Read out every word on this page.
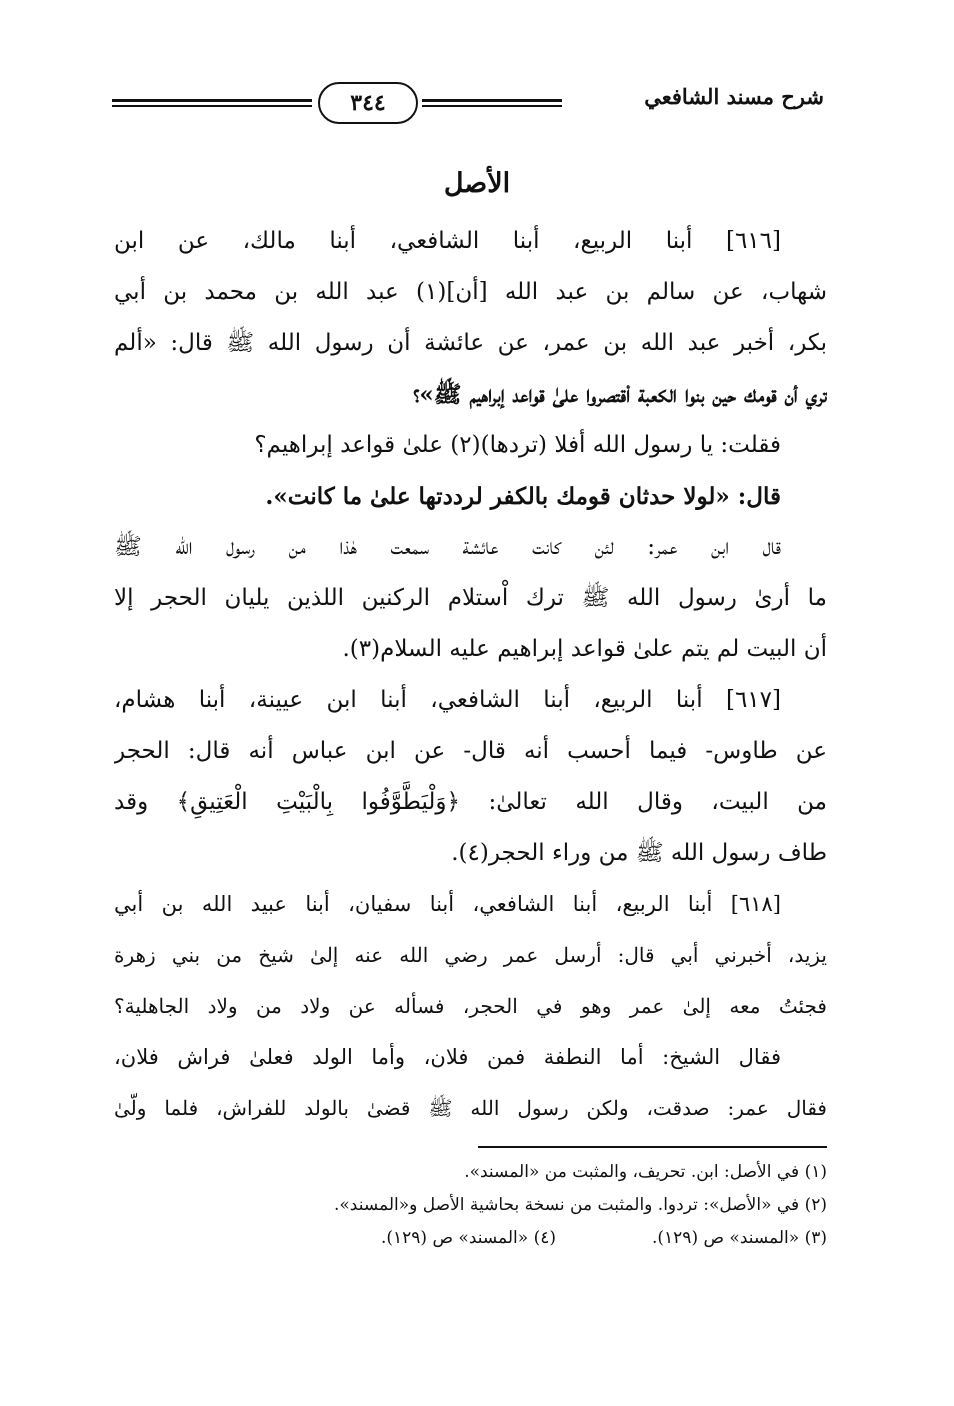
٣٤٤	شرح مسند الشافعي
الأصل
[٦١٦] أبنا الربيع، أبنا الشافعي، أبنا مالك، عن ابن
شهاب، عن سالم بن عبد الله [أن](١) عبد الله بن محمد بن أبي
بكر، أخبر عبد الله بن عمر، عن عائشة أن رسول الله ﷺ قال: «ألم
تري أن قومك حين بنوا الكعبة اْقتصروا علىٰ قواعد إبراهيم ﷺ»؟
فقلت: يا رسول الله أفلا (تردها)(٢) علىٰ قواعد إبراهيم؟
قال: «لولا حدثان قومك بالكفر لرددتها علىٰ ما كانت».
قال ابن عمر: لئن كانت عائشة سمعت هٰذا من رسول الله ﷺ
ما أرىٰ رسول الله ﷺ ترك اْستلام الركنين اللذين يليان الحجر إلا
أن البيت لم يتم علىٰ قواعد إبراهيم عليه السلام(٣).
[٦١٧] أبنا الربيع، أبنا الشافعي، أبنا ابن عيينة، أبنا هشام،
عن طاوس- فيما أحسب أنه قال- عن ابن عباس أنه قال: الحجر
من البيت، وقال الله تعالىٰ: ﴿وَلْيَطَّوَّفُوا بِالْبَيْتِ الْعَتِيقِ﴾ وقد
طاف رسول الله ﷺ من وراء الحجر(٤).
[٦١٨] أبنا الربيع، أبنا الشافعي، أبنا سفيان، أبنا عبيد الله بن أبي
يزيد، أخبرني أبي قال: أرسل عمر رضي الله عنه إلىٰ شيخ من بني زهرة
فجئتُ معه إلىٰ عمر وهو في الحجر، فسأله عن ولاد من ولاد الجاهلية؟
فقال الشيخ: أما النطفة فمن فلان، وأما الولد فعلىٰ فراش فلان،
فقال عمر: صدقت، ولكن رسول الله ﷺ قضىٰ بالولد للفراش، فلما ولّىٰ
(١) في الأصل: ابن. تحريف، والمثبت من «المسند».
(٢) في «الأصل»: تردوا. والمثبت من نسخة بحاشية الأصل و«المسند».
(٣) «المسند» ص (١٢٩).
(٤) «المسند» ص (١٢٩).
